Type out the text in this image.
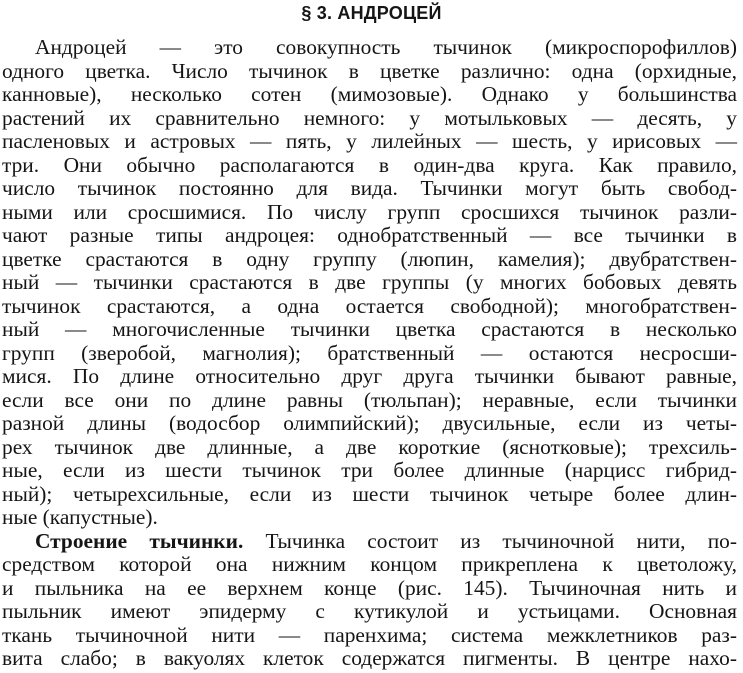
§ 3. АНДРОЦЕЙ
Андроцей — это совокупность тычинок (микроспорофиллов)
одного цветка. Число тычинок в цветке различно: одна (орхидные,
канновые), несколько сотен (мимозовые). Однако у большинства
растений их сравнительно немного: у мотыльковых — десять, у
пасленовых и астровых — пять, у лилейных — шесть, у ирисовых —
три. Они обычно располагаются в один-два круга. Как правило,
число тычинок постоянно для вида. Тычинки могут быть свобод-
ными или сросшимися. По числу групп сросшихся тычинок разли-
чают разные типы андроцея: однобратственный — все тычинки в
цветке срастаются в одну группу (люпин, камелия); двубратствен-
ный — тычинки срастаются в две группы (у многих бобовых девять
тычинок срастаются, а одна остается свободной); многобратствен-
ный — многочисленные тычинки цветка срастаются в несколько
групп (зверобой, магнолия); братственный — остаются несросши-
мися. По длине относительно друг друга тычинки бывают равные,
если все они по длине равны (тюльпан); неравные, если тычинки
разной длины (водосбор олимпийский); двусильные, если из четы-
рех тычинок две длинные, а две короткие (яснотковые); трехсиль-
ные, если из шести тычинок три более длинные (нарцисс гибрид-
ный); четырехсильные, если из шести тычинок четыре более длин-
ные (капустные).
Строение тычинки. Тычинка состоит из тычиночной нити, по-
средством которой она нижним концом прикреплена к цветоложу,
и пыльника на ее верхнем конце (рис. 145). Тычиночная нить и
пыльник имеют эпидерму с кутикулой и устьицами. Основная
ткань тычиночной нити — паренхима; система межклетников раз-
вита слабо; в вакуолях клеток содержатся пигменты. В центре нахо-
